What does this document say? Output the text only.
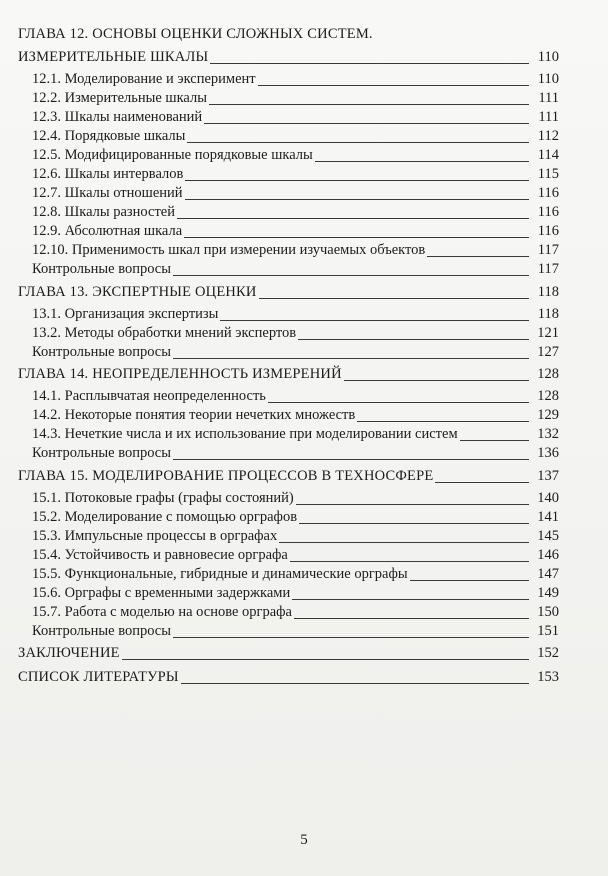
ГЛАВА 12. ОСНОВЫ ОЦЕНКИ СЛОЖНЫХ СИСТЕМ.
ИЗМЕРИТЕЛЬНЫЕ ШКАЛЫ	110
12.1. Моделирование и эксперимент	110
12.2. Измерительные шкалы	111
12.3. Шкалы наименований	111
12.4. Порядковые шкалы	112
12.5. Модифицированные порядковые шкалы	114
12.6. Шкалы интервалов	115
12.7. Шкалы отношений	116
12.8. Шкалы разностей	116
12.9. Абсолютная шкала	116
12.10. Применимость шкал при измерении изучаемых объектов	117
Контрольные вопросы	117
ГЛАВА 13. ЭКСПЕРТНЫЕ ОЦЕНКИ	118
13.1. Организация экспертизы	118
13.2. Методы обработки мнений экспертов	121
Контрольные вопросы	127
ГЛАВА 14. НЕОПРЕДЕЛЕННОСТЬ ИЗМЕРЕНИЙ	128
14.1. Расплывчатая неопределенность	128
14.2. Некоторые понятия теории нечетких множеств	129
14.3. Нечеткие числа и их использование при моделировании систем	132
Контрольные вопросы	136
ГЛАВА 15. МОДЕЛИРОВАНИЕ ПРОЦЕССОВ В ТЕХНОСФЕРЕ	137
15.1. Потоковые графы (графы состояний)	140
15.2. Моделирование с помощью орграфов	141
15.3. Импульсные процессы в орграфах	145
15.4. Устойчивость и равновесие орграфа	146
15.5. Функциональные, гибридные и динамические орграфы	147
15.6. Орграфы с временными задержками	149
15.7. Работа с моделью на основе орграфа	150
Контрольные вопросы	151
ЗАКЛЮЧЕНИЕ	152
СПИСОК ЛИТЕРАТУРЫ	153
5
